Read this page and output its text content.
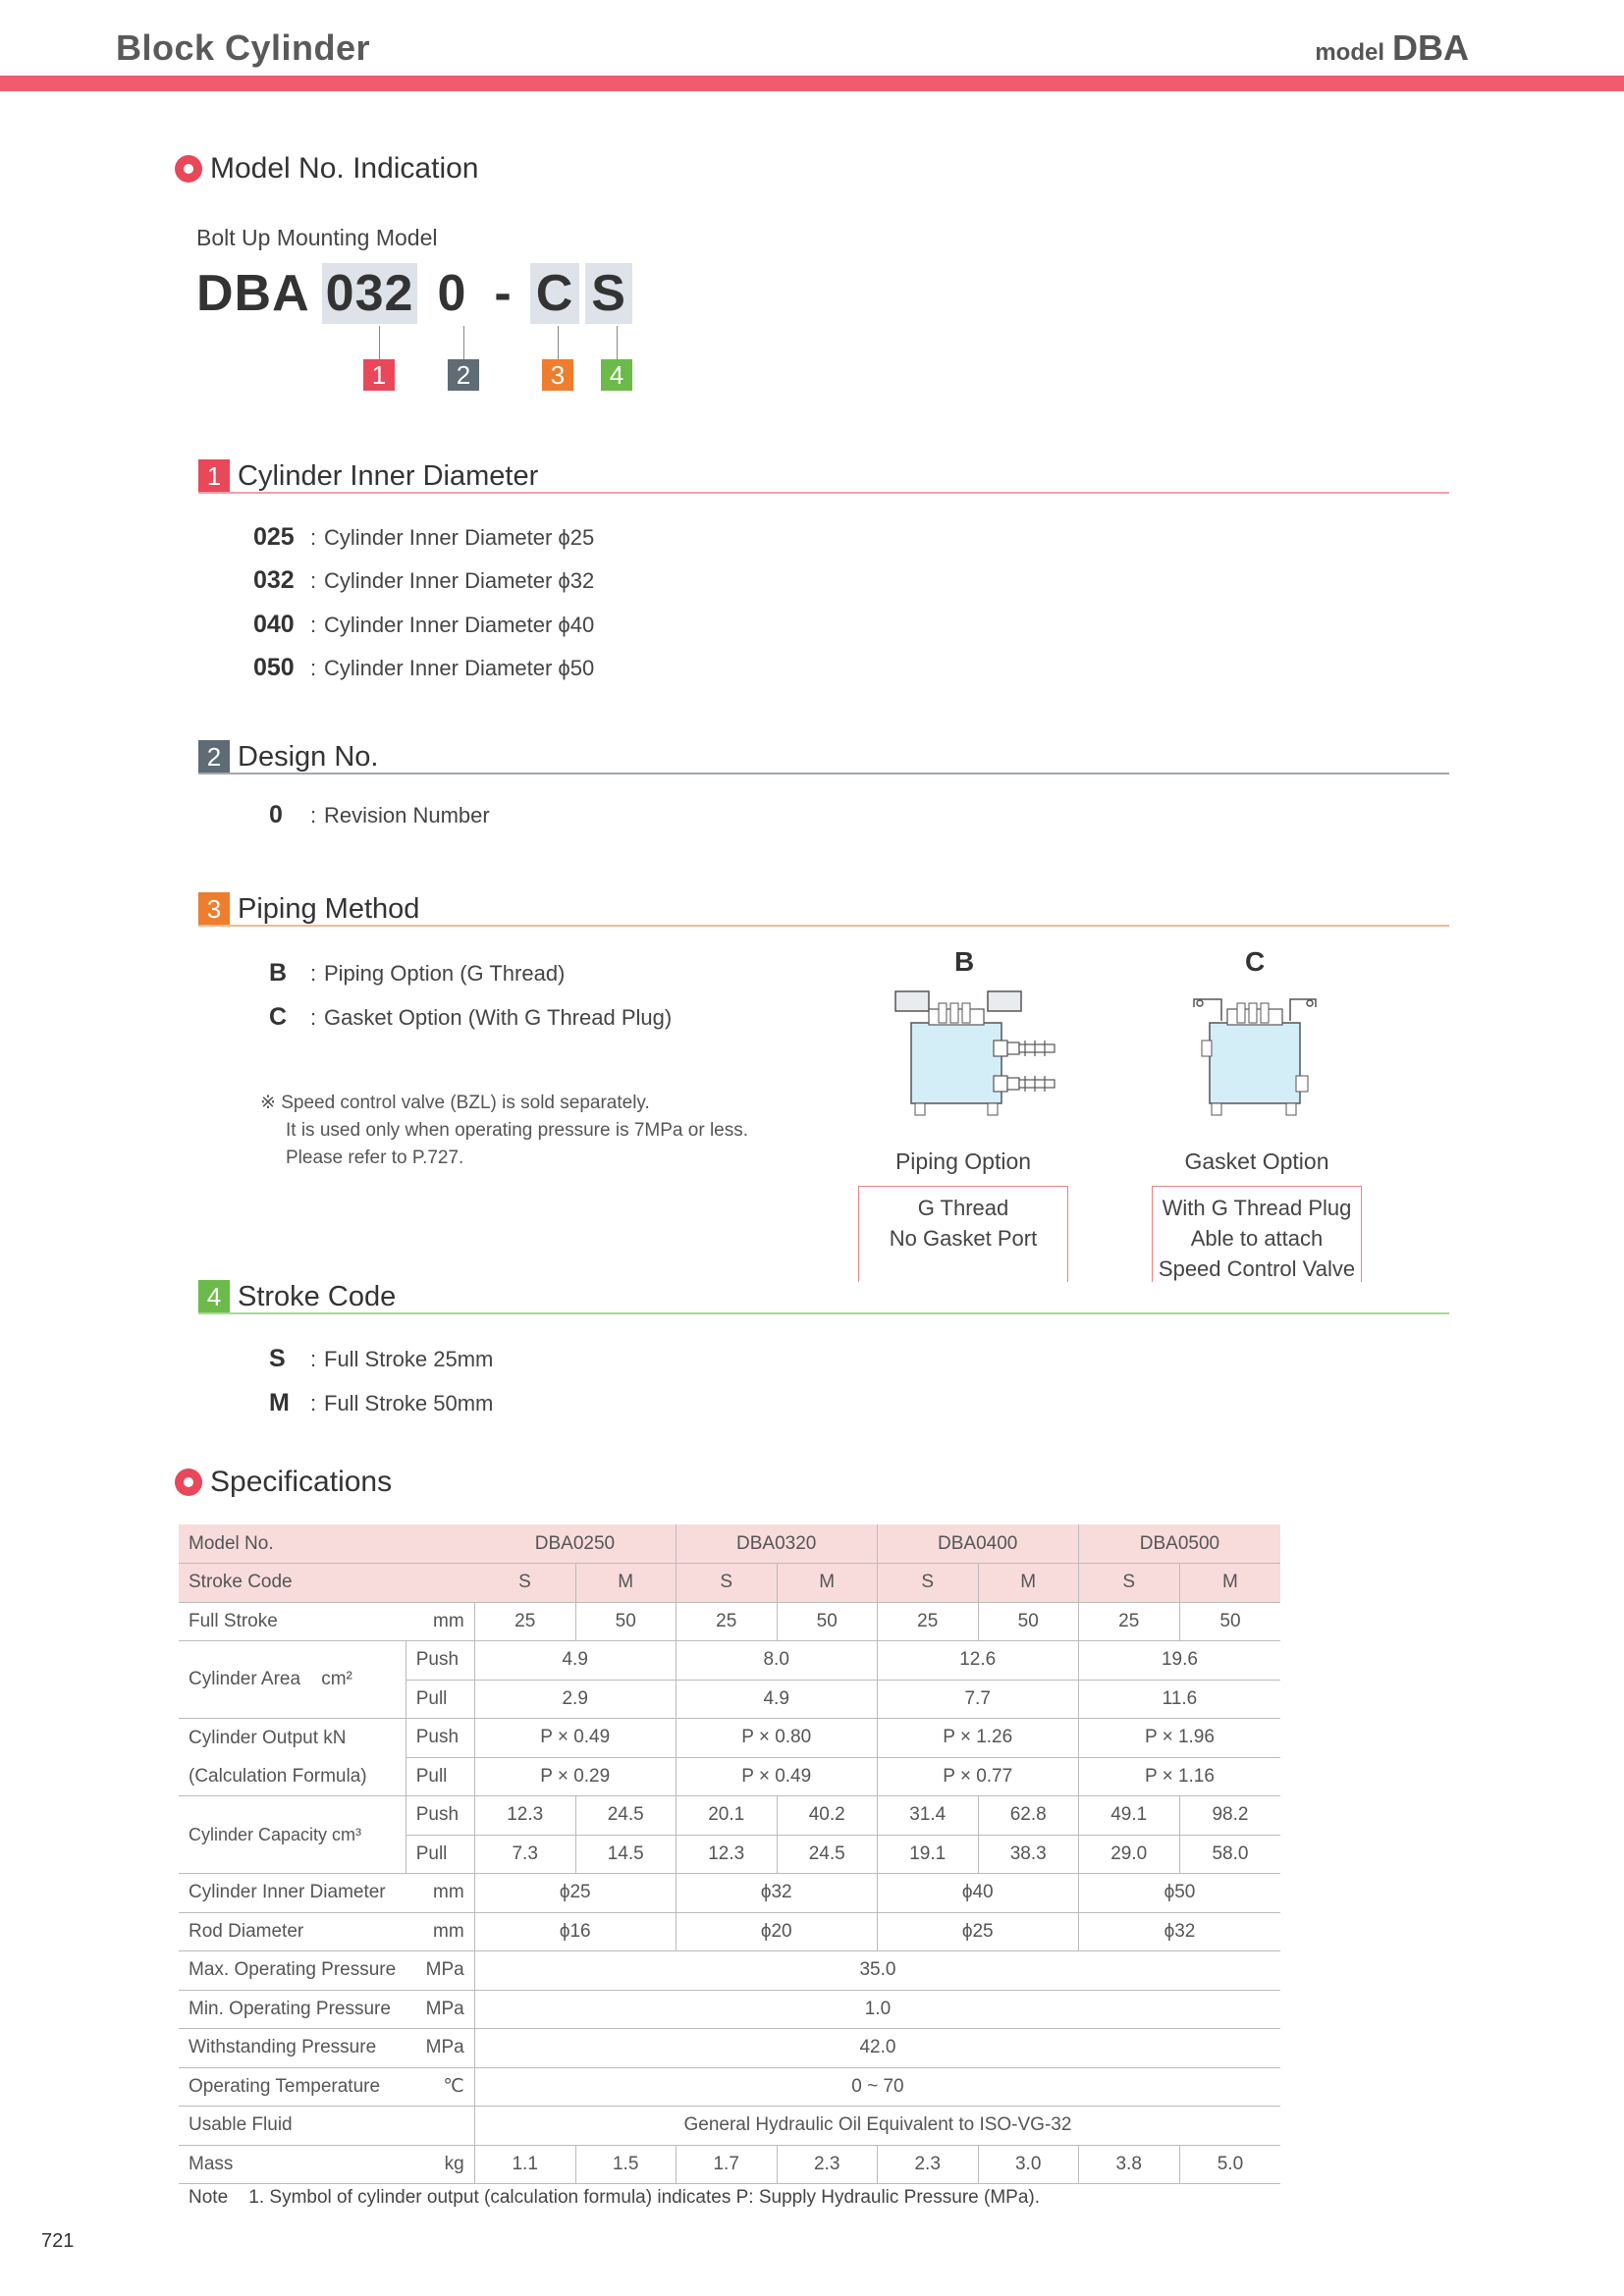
Block Cylinder	model DBA
Model No. Indication
Bolt Up Mounting Model
DBA 032 0 - C S
1	2	3	4
1 Cylinder Inner Diameter
025 : Cylinder Inner Diameter ϕ25
032 : Cylinder Inner Diameter ϕ32
040 : Cylinder Inner Diameter ϕ40
050 : Cylinder Inner Diameter ϕ50
2 Design No.
0	: Revision Number
3 Piping Method
B	: Piping Option (G Thread)
C	: Gasket Option (With G Thread Plug)
※ Speed control valve (BZL) is sold separately.
It is used only when operating pressure is 7MPa or less.
Please refer to P.727.
B
Piping Option
G Thread
No Gasket Port
C
Gasket Option
With G Thread Plug
Able to attach
Speed Control Valve
4 Stroke Code
S	: Full Stroke 25mm
M : Full Stroke 50mm
Specifications
Model No.		DBA0250		DBA0320		DBA0400		DBA0500	
Stroke Code		S	M	S	M	S	M	S	M
Full Stroke	mm	25	50	25	50	25	50	25	50
Cylinder Area cm²	Push	4.9		8.0		12.6		19.6	
	Pull	2.9		4.9		7.7		11.6	
Cylinder Output kN	Push	P × 0.49		P × 0.80		P × 1.26		P × 1.96	
(Calculation Formula)	Pull	P × 0.29		P × 0.49		P × 0.77		P × 1.16	
Cylinder Capacity cm³	Push	12.3	24.5	20.1	40.2	31.4	62.8	49.1	98.2
	Pull	7.3	14.5	12.3	24.5	19.1	38.3	29.0	58.0
Cylinder Inner Diameter	mm	ϕ25		ϕ32		ϕ40		ϕ50	
Rod Diameter	mm	ϕ16		ϕ20		ϕ25		ϕ32	
Max. Operating Pressure	MPa	35.0							
Min. Operating Pressure	MPa	1.0							
Withstanding Pressure	MPa	42.0							
Operating Temperature	℃	0 ~ 70							
Usable Fluid		General Hydraulic Oil Equivalent to ISO-VG-32							
Mass	kg	1.1	1.5	1.7	2.3	2.3	3.0	3.8	5.0
Note 1. Symbol of cylinder output (calculation formula) indicates P: Supply Hydraulic Pressure (MPa).
721
